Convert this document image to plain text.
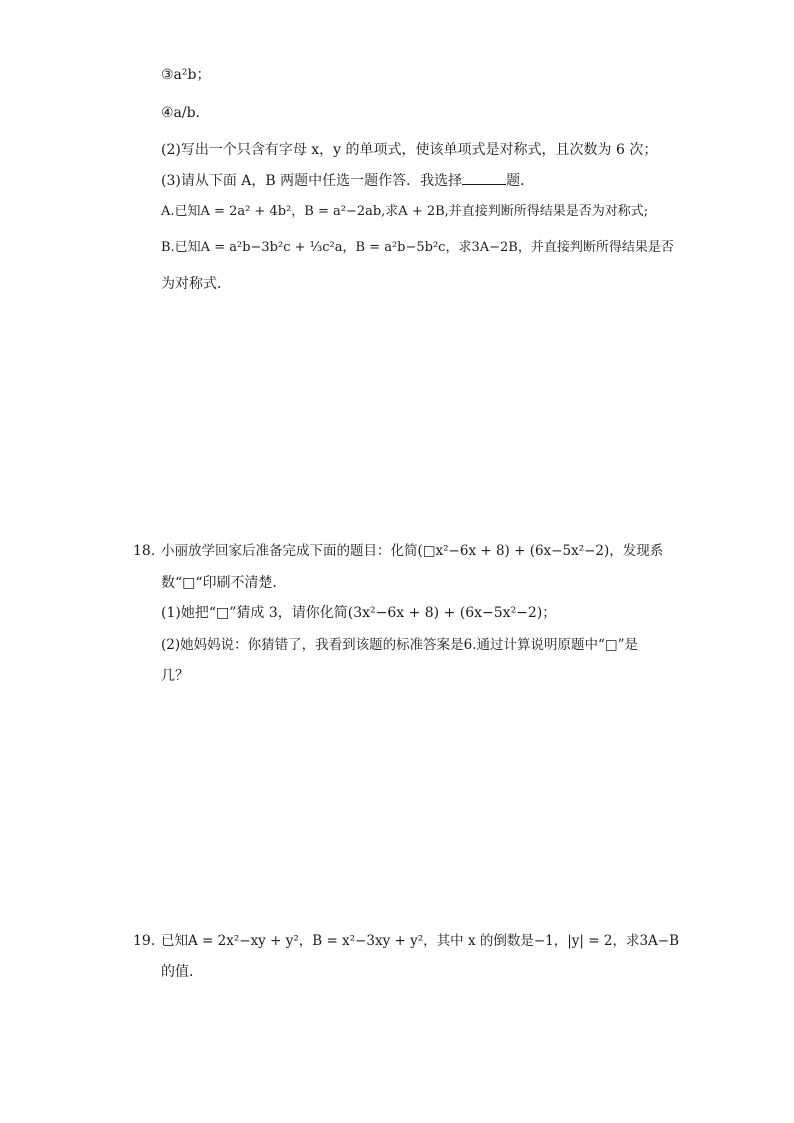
③a²b；
④a/b．
(2)写出一个只含有字母 x，y 的单项式，使该单项式是对称式，且次数为 6 次；
(3)请从下面 A，B 两题中任选一题作答．我选择	题．
A.已知A = 2a² + 4b²，B = a²−2ab,求A + 2B,并直接判断所得结果是否为对称式;
B.已知A = a²b−3b²c + ⅓c²a，B = a²b−5b²c，求3A−2B，并直接判断所得结果是否
为对称式．
18. 小丽放学回家后准备完成下面的题目：化简(□x²−6x + 8) + (6x−5x²−2)，发现系
数“□“印刷不清楚．
(1)她把“□”猜成 3，请你化简(3x²−6x + 8) + (6x−5x²−2)；
(2)她妈妈说：你猜错了，我看到该题的标准答案是6.通过计算说明原题中“□”是
几？
19. 已知A = 2x²−xy + y²，B = x²−3xy + y²，其中 x 的倒数是−1，|y| = 2，求3A−B
的值．
